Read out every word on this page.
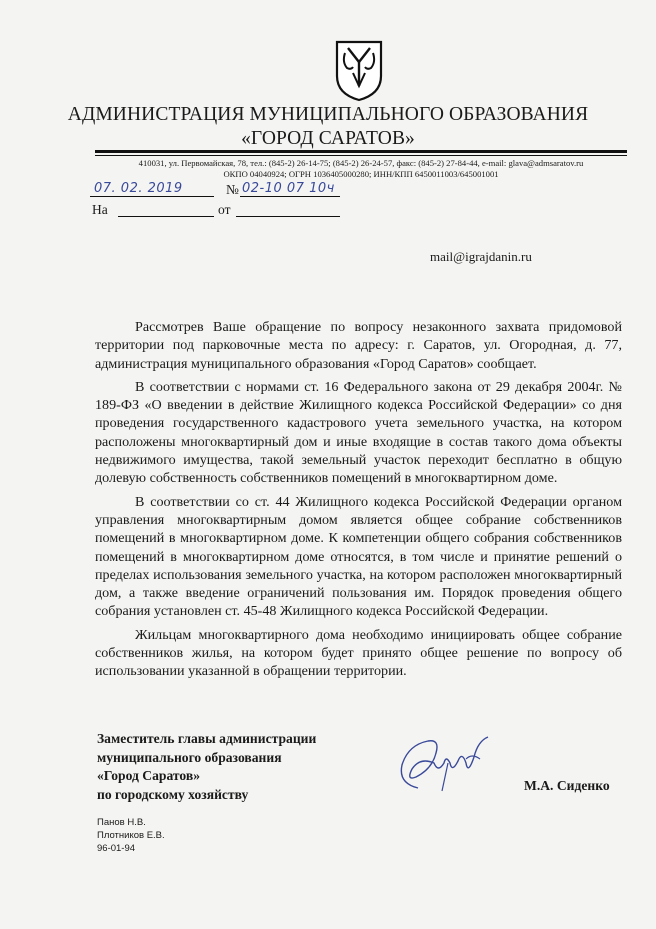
АДМИНИСТРАЦИЯ МУНИЦИПАЛЬНОГО ОБРАЗОВАНИЯ
«ГОРОД САРАТОВ»
410031, ул. Первомайская, 78, тел.: (845-2) 26-14-75; (845-2) 26-24-57, факс: (845-2) 27-84-44, e-mail: glava@admsaratov.ru
ОКПО 04040924; ОГРН 1036405000280; ИНН/КПП 6450011003/645001001
07. 02. 2019	№ 02-10 07 10ч
На	от
mail@igrajdanin.ru

Рассмотрев Ваше обращение по вопросу незаконного захвата придомовой территории под парковочные места по адресу: г. Саратов, ул. Огородная, д. 77, администрация муниципального образования «Город Саратов» сообщает.

В соответствии с нормами ст. 16 Федерального закона от 29 декабря 2004г. № 189-ФЗ «О введении в действие Жилищного кодекса Российской Федерации» со дня проведения государственного кадастрового учета земельного участка, на котором расположены многоквартирный дом и иные входящие в состав такого дома объекты недвижимого имущества, такой земельный участок переходит бесплатно в общую долевую собственность собственников помещений в многоквартирном доме.

В соответствии со ст. 44 Жилищного кодекса Российской Федерации органом управления многоквартирным домом является общее собрание собственников помещений в многоквартирном доме. К компетенции общего собрания собственников помещений в многоквартирном доме относятся, в том числе и принятие решений о пределах использования земельного участка, на котором расположен многоквартирный дом, а также введение ограничений пользования им. Порядок проведения общего собрания установлен ст. 45-48 Жилищного кодекса Российской Федерации.

Жильцам многоквартирного дома необходимо инициировать общее собрание собственников жилья, на котором будет принято общее решение по вопросу об использовании указанной в обращении территории.

Заместитель главы администрации
муниципального образования
«Город Саратов»
по городскому хозяйству
М.А. Сиденко
Панов Н.В.
Плотников Е.В.
96-01-94
